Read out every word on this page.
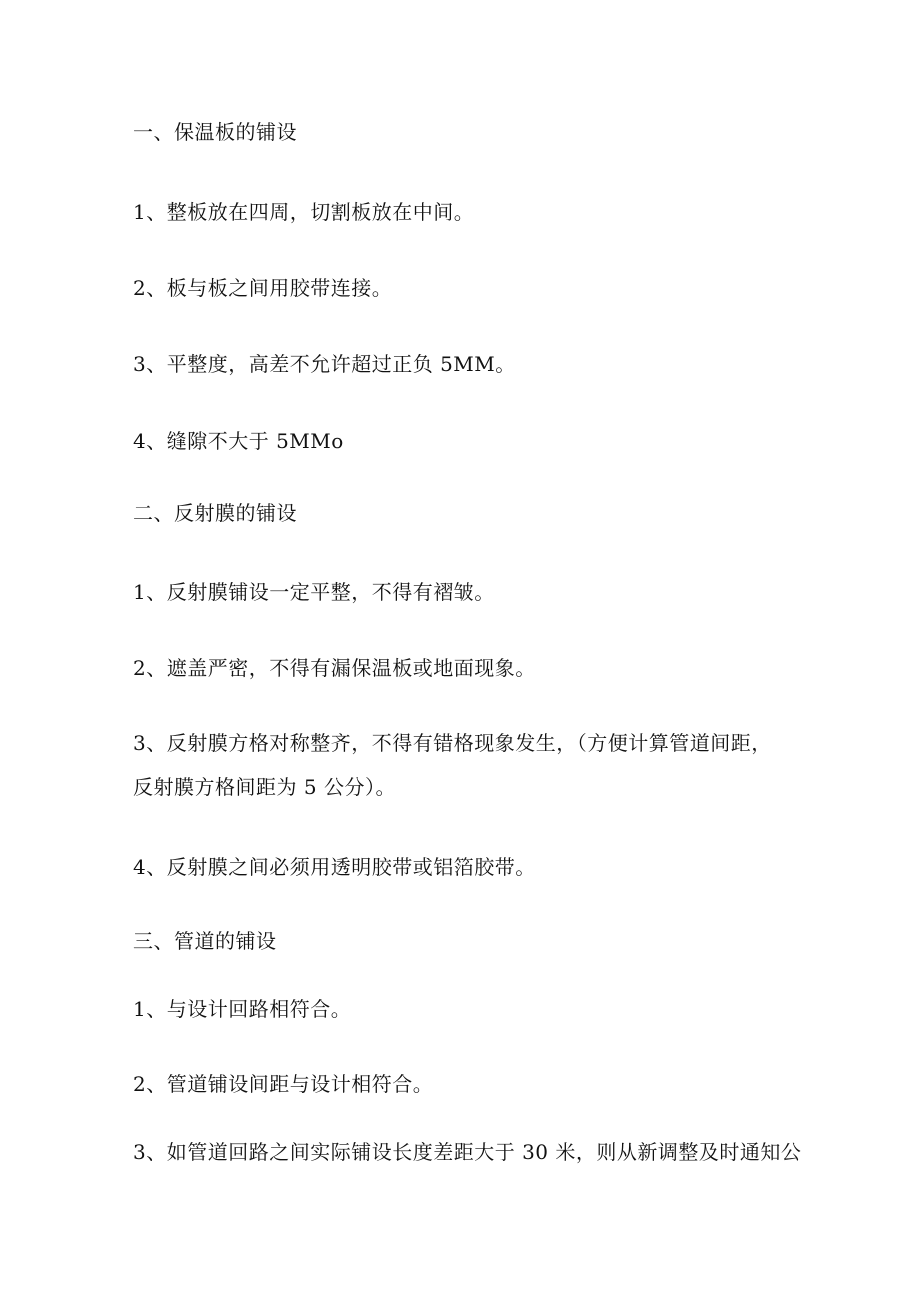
一、保温板的铺设
1、整板放在四周，切割板放在中间。
2、板与板之间用胶带连接。
3、平整度，高差不允许超过正负 5MM。
4、缝隙不大于 5MMo
二、反射膜的铺设
1、反射膜铺设一定平整，不得有褶皱。
2、遮盖严密，不得有漏保温板或地面现象。
3、反射膜方格对称整齐，不得有错格现象发生，（方便计算管道间距，
反射膜方格间距为 5 公分）。
4、反射膜之间必须用透明胶带或铝箔胶带。
三、管道的铺设
1、与设计回路相符合。
2、管道铺设间距与设计相符合。
3、如管道回路之间实际铺设长度差距大于 30 米，则从新调整及时通知公
